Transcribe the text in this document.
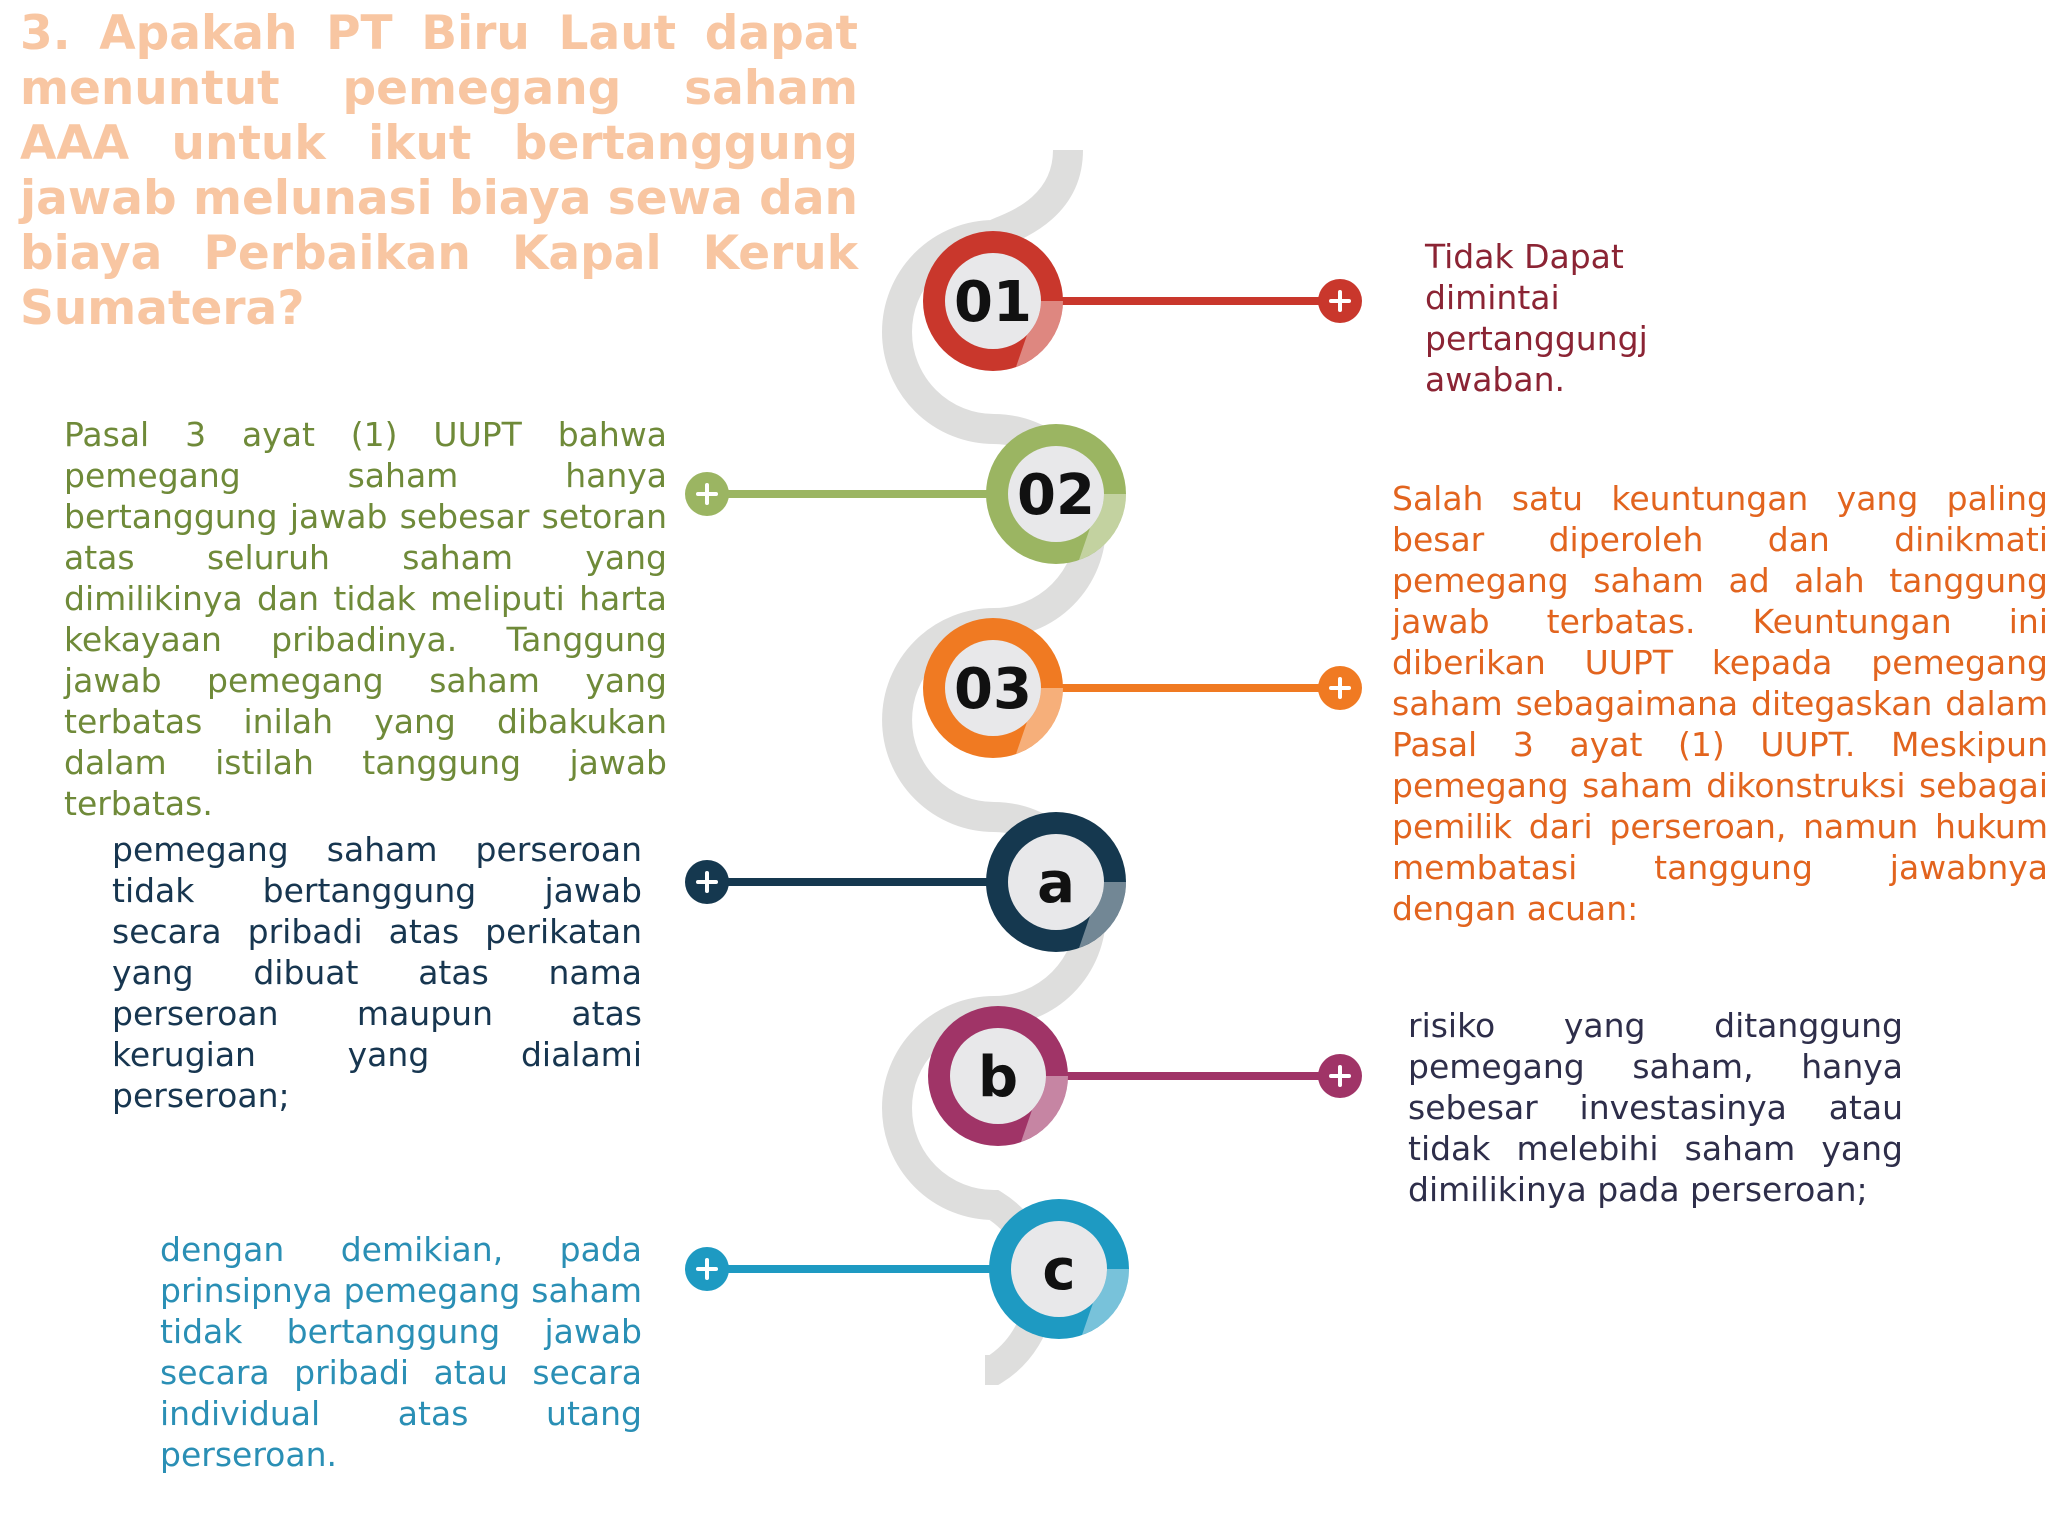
3. Apakah PT Biru Laut dapat menuntut pemegang saham AAA untuk ikut bertanggung jawab melunasi biaya sewa dan biaya Perbaikan Kapal Keruk Sumatera?	01
02
03
a
b
c

Tidak Dapat dimintai pertanggungj awaban.

Pasal 3 ayat (1) UUPT bahwa pemegang saham hanya bertanggung jawab sebesar setoran atas seluruh saham yang dimilikinya dan tidak meliputi harta kekayaan pribadinya. Tanggung jawab pemegang saham yang terbatas inilah yang dibakukan dalam istilah tanggung jawab terbatas.

Salah satu keuntungan yang paling besar diperoleh dan dinikmati pemegang saham ad alah tanggung jawab terbatas. Keuntungan ini diberikan UUPT kepada pemegang saham sebagaimana ditegaskan dalam Pasal 3 ayat (1) UUPT. Meskipun pemegang saham dikonstruksi sebagai pemilik dari perseroan, namun hukum membatasi tanggung jawabnya dengan acuan:

pemegang saham perseroan tidak bertanggung jawab secara pribadi atas perikatan yang dibuat atas nama perseroan maupun atas kerugian yang dialami perseroan;

risiko yang ditanggung pemegang saham, hanya sebesar investasinya atau tidak melebihi saham yang dimilikinya pada perseroan;

dengan demikian, pada prinsipnya pemegang saham tidak bertanggung jawab secara pribadi atau secara individual atas utang perseroan.
